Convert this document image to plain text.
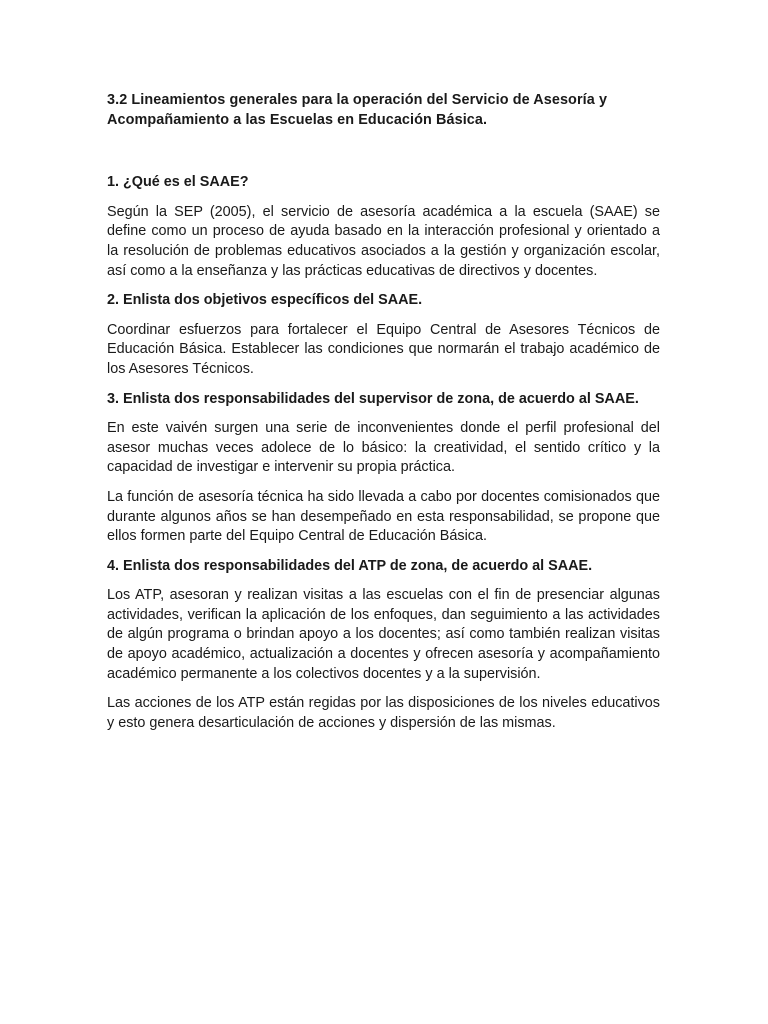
3.2 Lineamientos generales para la operación del Servicio de Asesoría y Acompañamiento a las Escuelas en Educación Básica.

1. ¿Qué es el SAAE?

Según la SEP (2005), el servicio de asesoría académica a la escuela (SAAE) se define como un proceso de ayuda basado en la interacción profesional y orientado a la resolución de problemas educativos asociados a la gestión y organización escolar, así como a la enseñanza y las prácticas educativas de directivos y docentes.

2. Enlista dos objetivos específicos del SAAE.

Coordinar esfuerzos para fortalecer el Equipo Central de Asesores Técnicos de Educación Básica. Establecer las condiciones que normarán el trabajo académico de los Asesores Técnicos.

3. Enlista dos responsabilidades del supervisor de zona, de acuerdo al SAAE.

En este vaivén surgen una serie de inconvenientes donde el perfil profesional del asesor muchas veces adolece de lo básico: la creatividad, el sentido crítico y la capacidad de investigar e intervenir su propia práctica.

La función de asesoría técnica ha sido llevada a cabo por docentes comisionados que durante algunos años se han desempeñado en esta responsabilidad, se propone que ellos formen parte del Equipo Central de Educación Básica.

4. Enlista dos responsabilidades del ATP de zona, de acuerdo al SAAE.

Los ATP, asesoran y realizan visitas a las escuelas con el fin de presenciar algunas actividades, verifican la aplicación de los enfoques, dan seguimiento a las actividades de algún programa o brindan apoyo a los docentes; así como también realizan visitas de apoyo académico, actualización a docentes y ofrecen asesoría y acompañamiento académico permanente a los colectivos docentes y a la supervisión.

Las acciones de los ATP están regidas por las disposiciones de los niveles educativos y esto genera desarticulación de acciones y dispersión de las mismas.
